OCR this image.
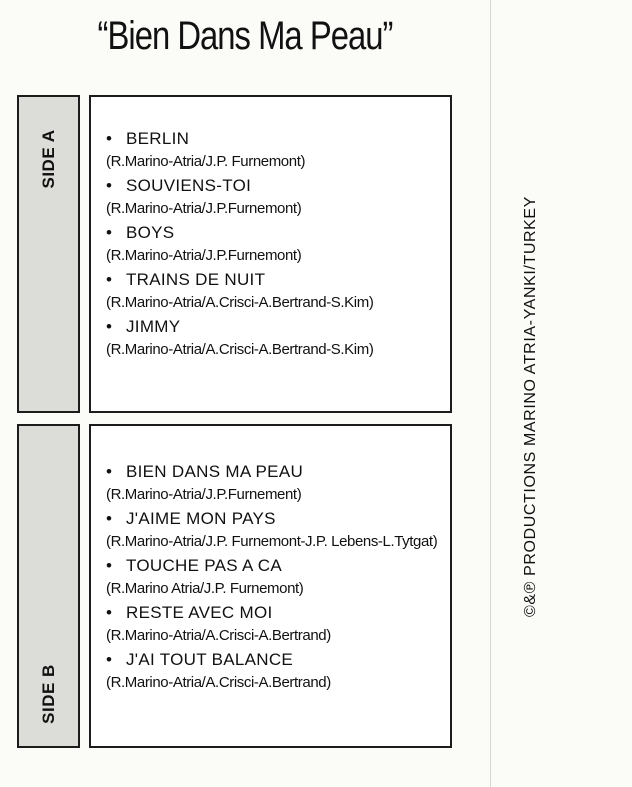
“Bien Dans Ma Peau”
SIDE A	• BERLIN
(R.Marino-Atria/J.P. Furnemont)
• SOUVIENS-TOI
(R.Marino-Atria/J.P.Furnemont)
• BOYS
(R.Marino-Atria/J.P.Furnemont)
• TRAINS DE NUIT
(R.Marino-Atria/A.Crisci-A.Bertrand-S.Kim)
• JIMMY
(R.Marino-Atria/A.Crisci-A.Bertrand-S.Kim)
SIDE B
• BIEN DANS MA PEAU
(R.Marino-Atria/J.P.Furnement)
• J'AIME MON PAYS
(R.Marino-Atria/J.P. Furnemont-J.P. Lebens-L.Tytgat)
• TOUCHE PAS A CA
(R.Marino Atria/J.P. Furnemont)
• RESTE AVEC MOI
(R.Marino-Atria/A.Crisci-A.Bertrand)
• J'AI TOUT BALANCE
(R.Marino-Atria/A.Crisci-A.Bertrand)
©&℗ PRODUCTIONS MARINO ATRIA-YANKI/TURKEY
